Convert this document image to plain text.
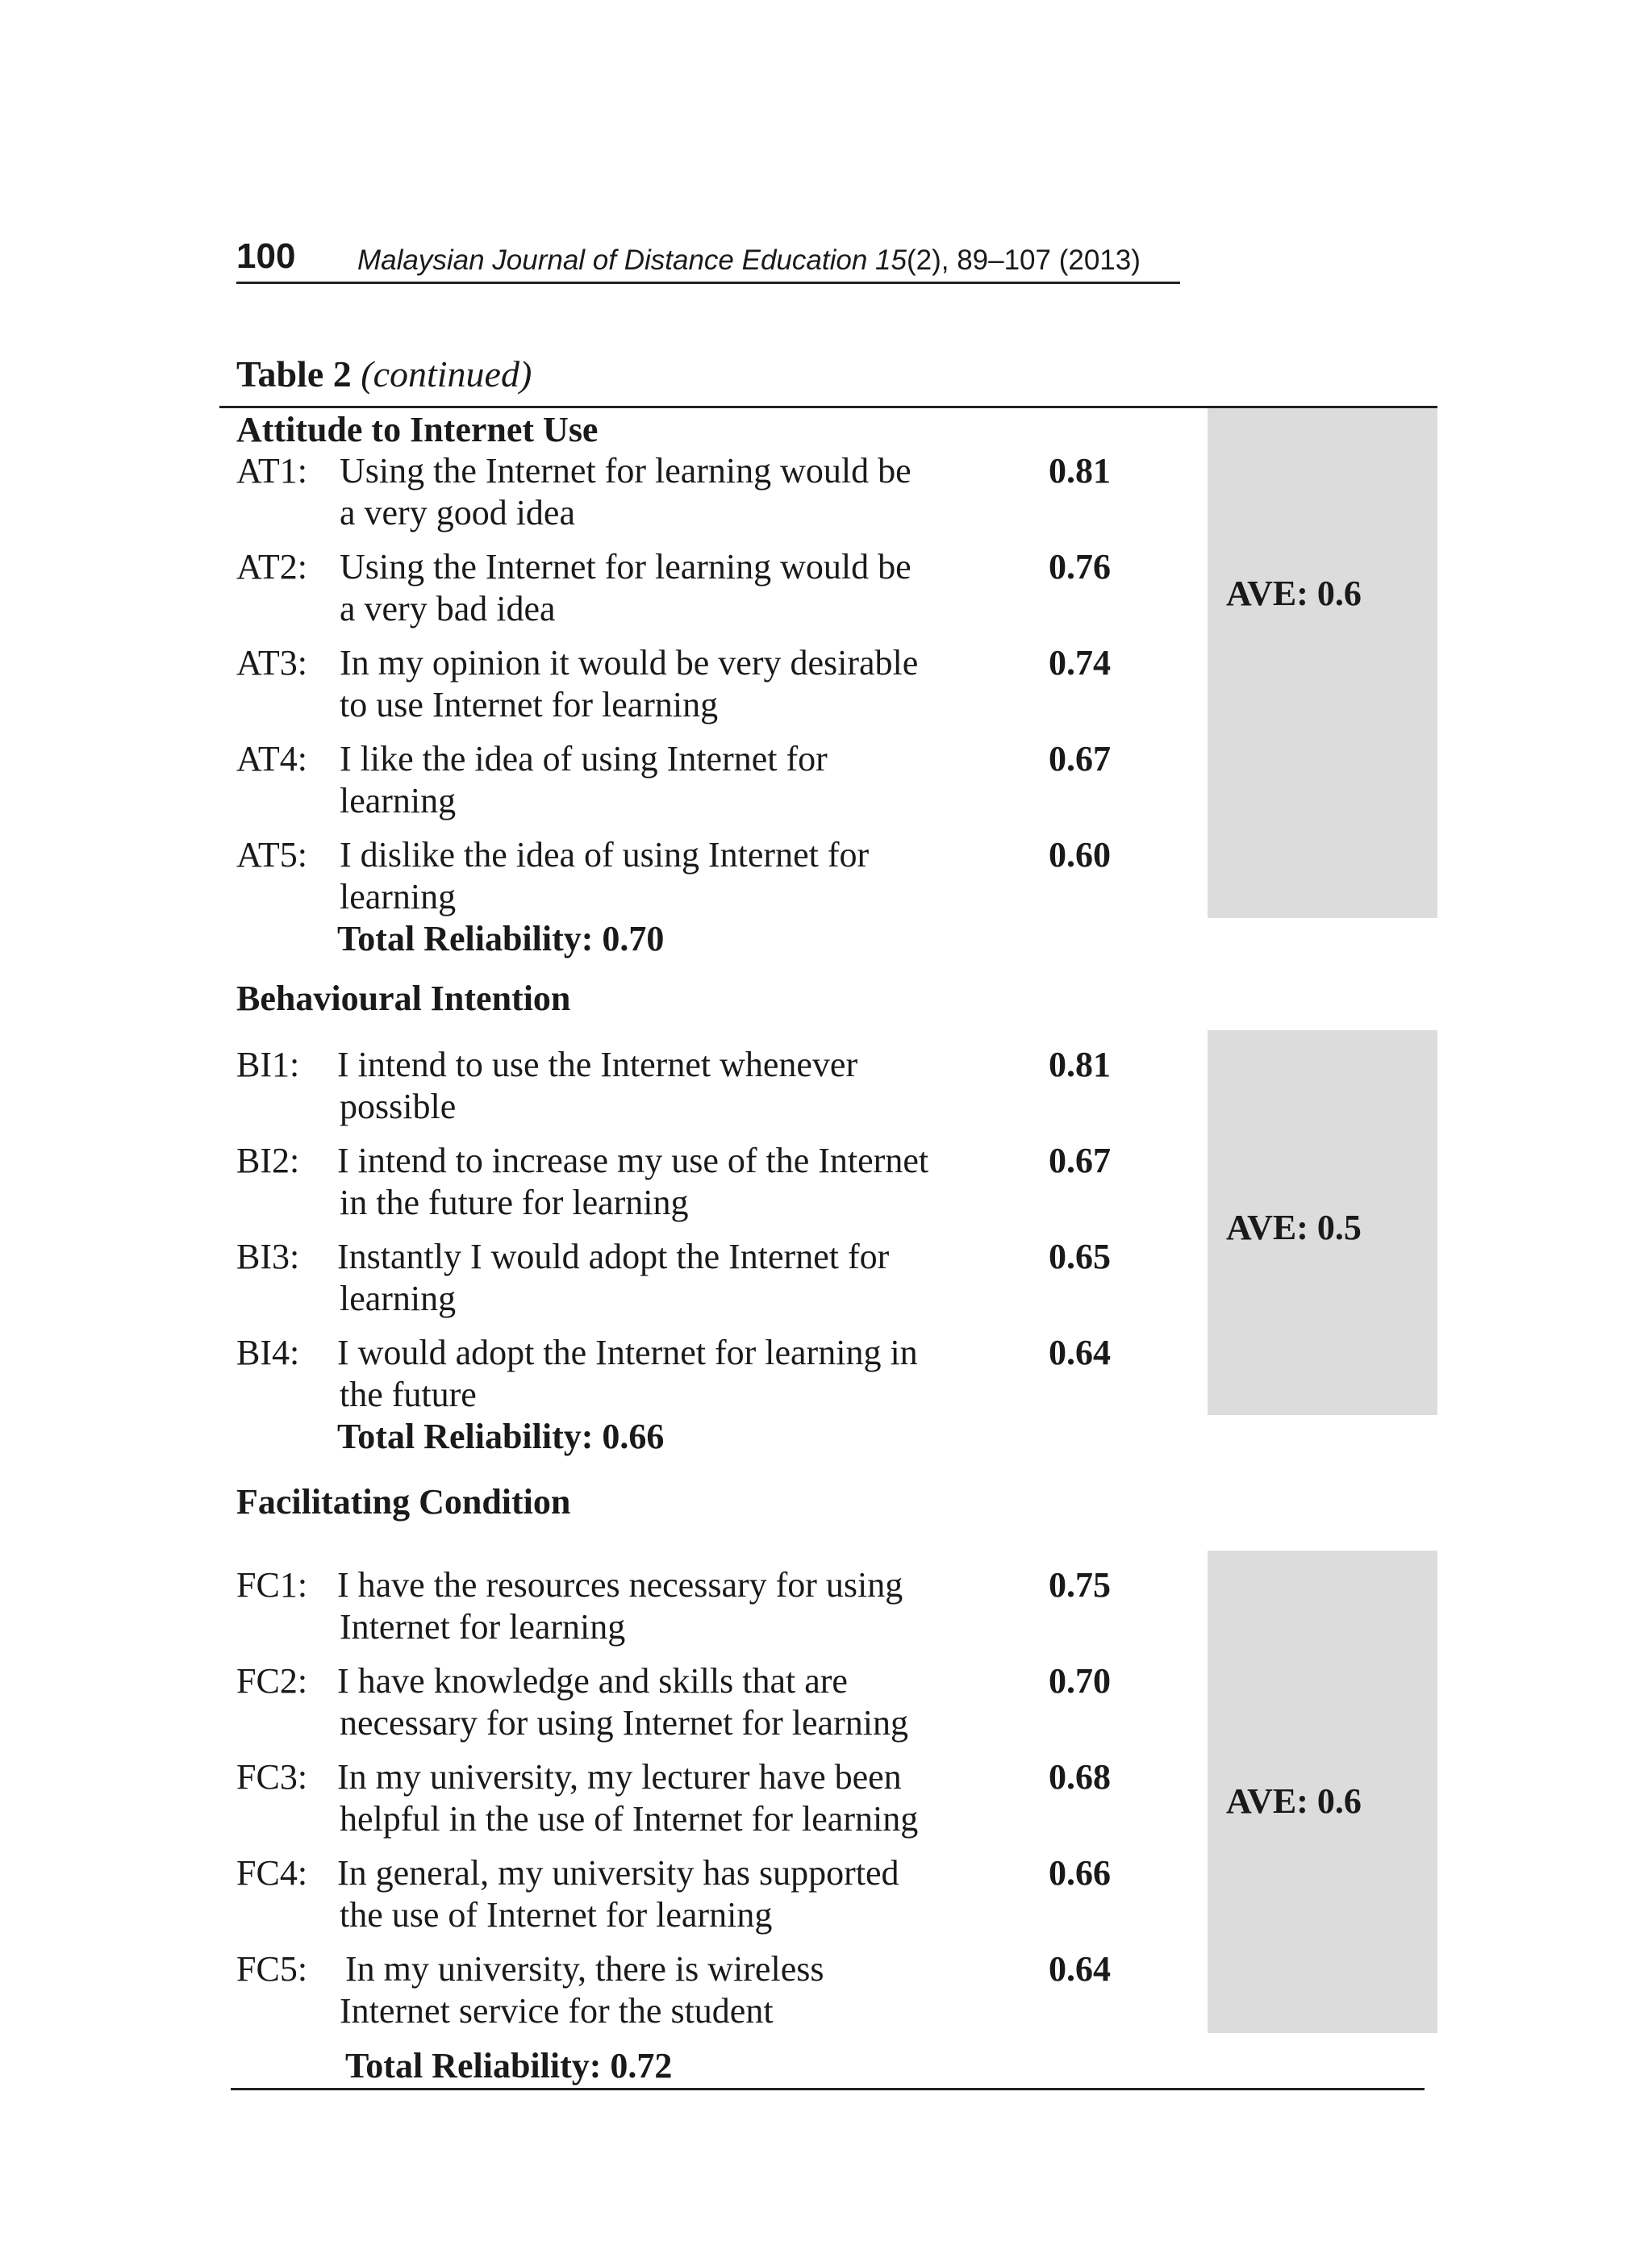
100 Malaysian Journal of Distance Education 15(2), 89–107 (2013)
Table 2 (continued)
AVE: 0.6
Attitude to Internet Use
AT1: Using the Internet for learning would be
a very good idea
0.81
AT2: Using the Internet for learning would be
a very bad idea
0.76
AT3: In my opinion it would be very desirable
to use Internet for learning
0.74
AT4: I like the idea of using Internet for
learning
0.67
AT5: I dislike the idea of using Internet for
learning
0.60
Total Reliability: 0.70
Behavioural Intention
AVE: 0.5
BI1: I intend to use the Internet whenever
possible
0.81
BI2: I intend to increase my use of the Internet
in the future for learning
0.67
BI3: Instantly I would adopt the Internet for
learning
0.65
BI4: I would adopt the Internet for learning in
the future
0.64
Total Reliability: 0.66
Facilitating Condition
AVE: 0.6
FC1: I have the resources necessary for using
Internet for learning
0.75
FC2: I have knowledge and skills that are
necessary for using Internet for learning
0.70
FC3: In my university, my lecturer have been
helpful in the use of Internet for learning
0.68
FC4: In general, my university has supported
the use of Internet for learning
0.66
FC5: In my university, there is wireless
Internet service for the student
0.64
Total Reliability: 0.72
